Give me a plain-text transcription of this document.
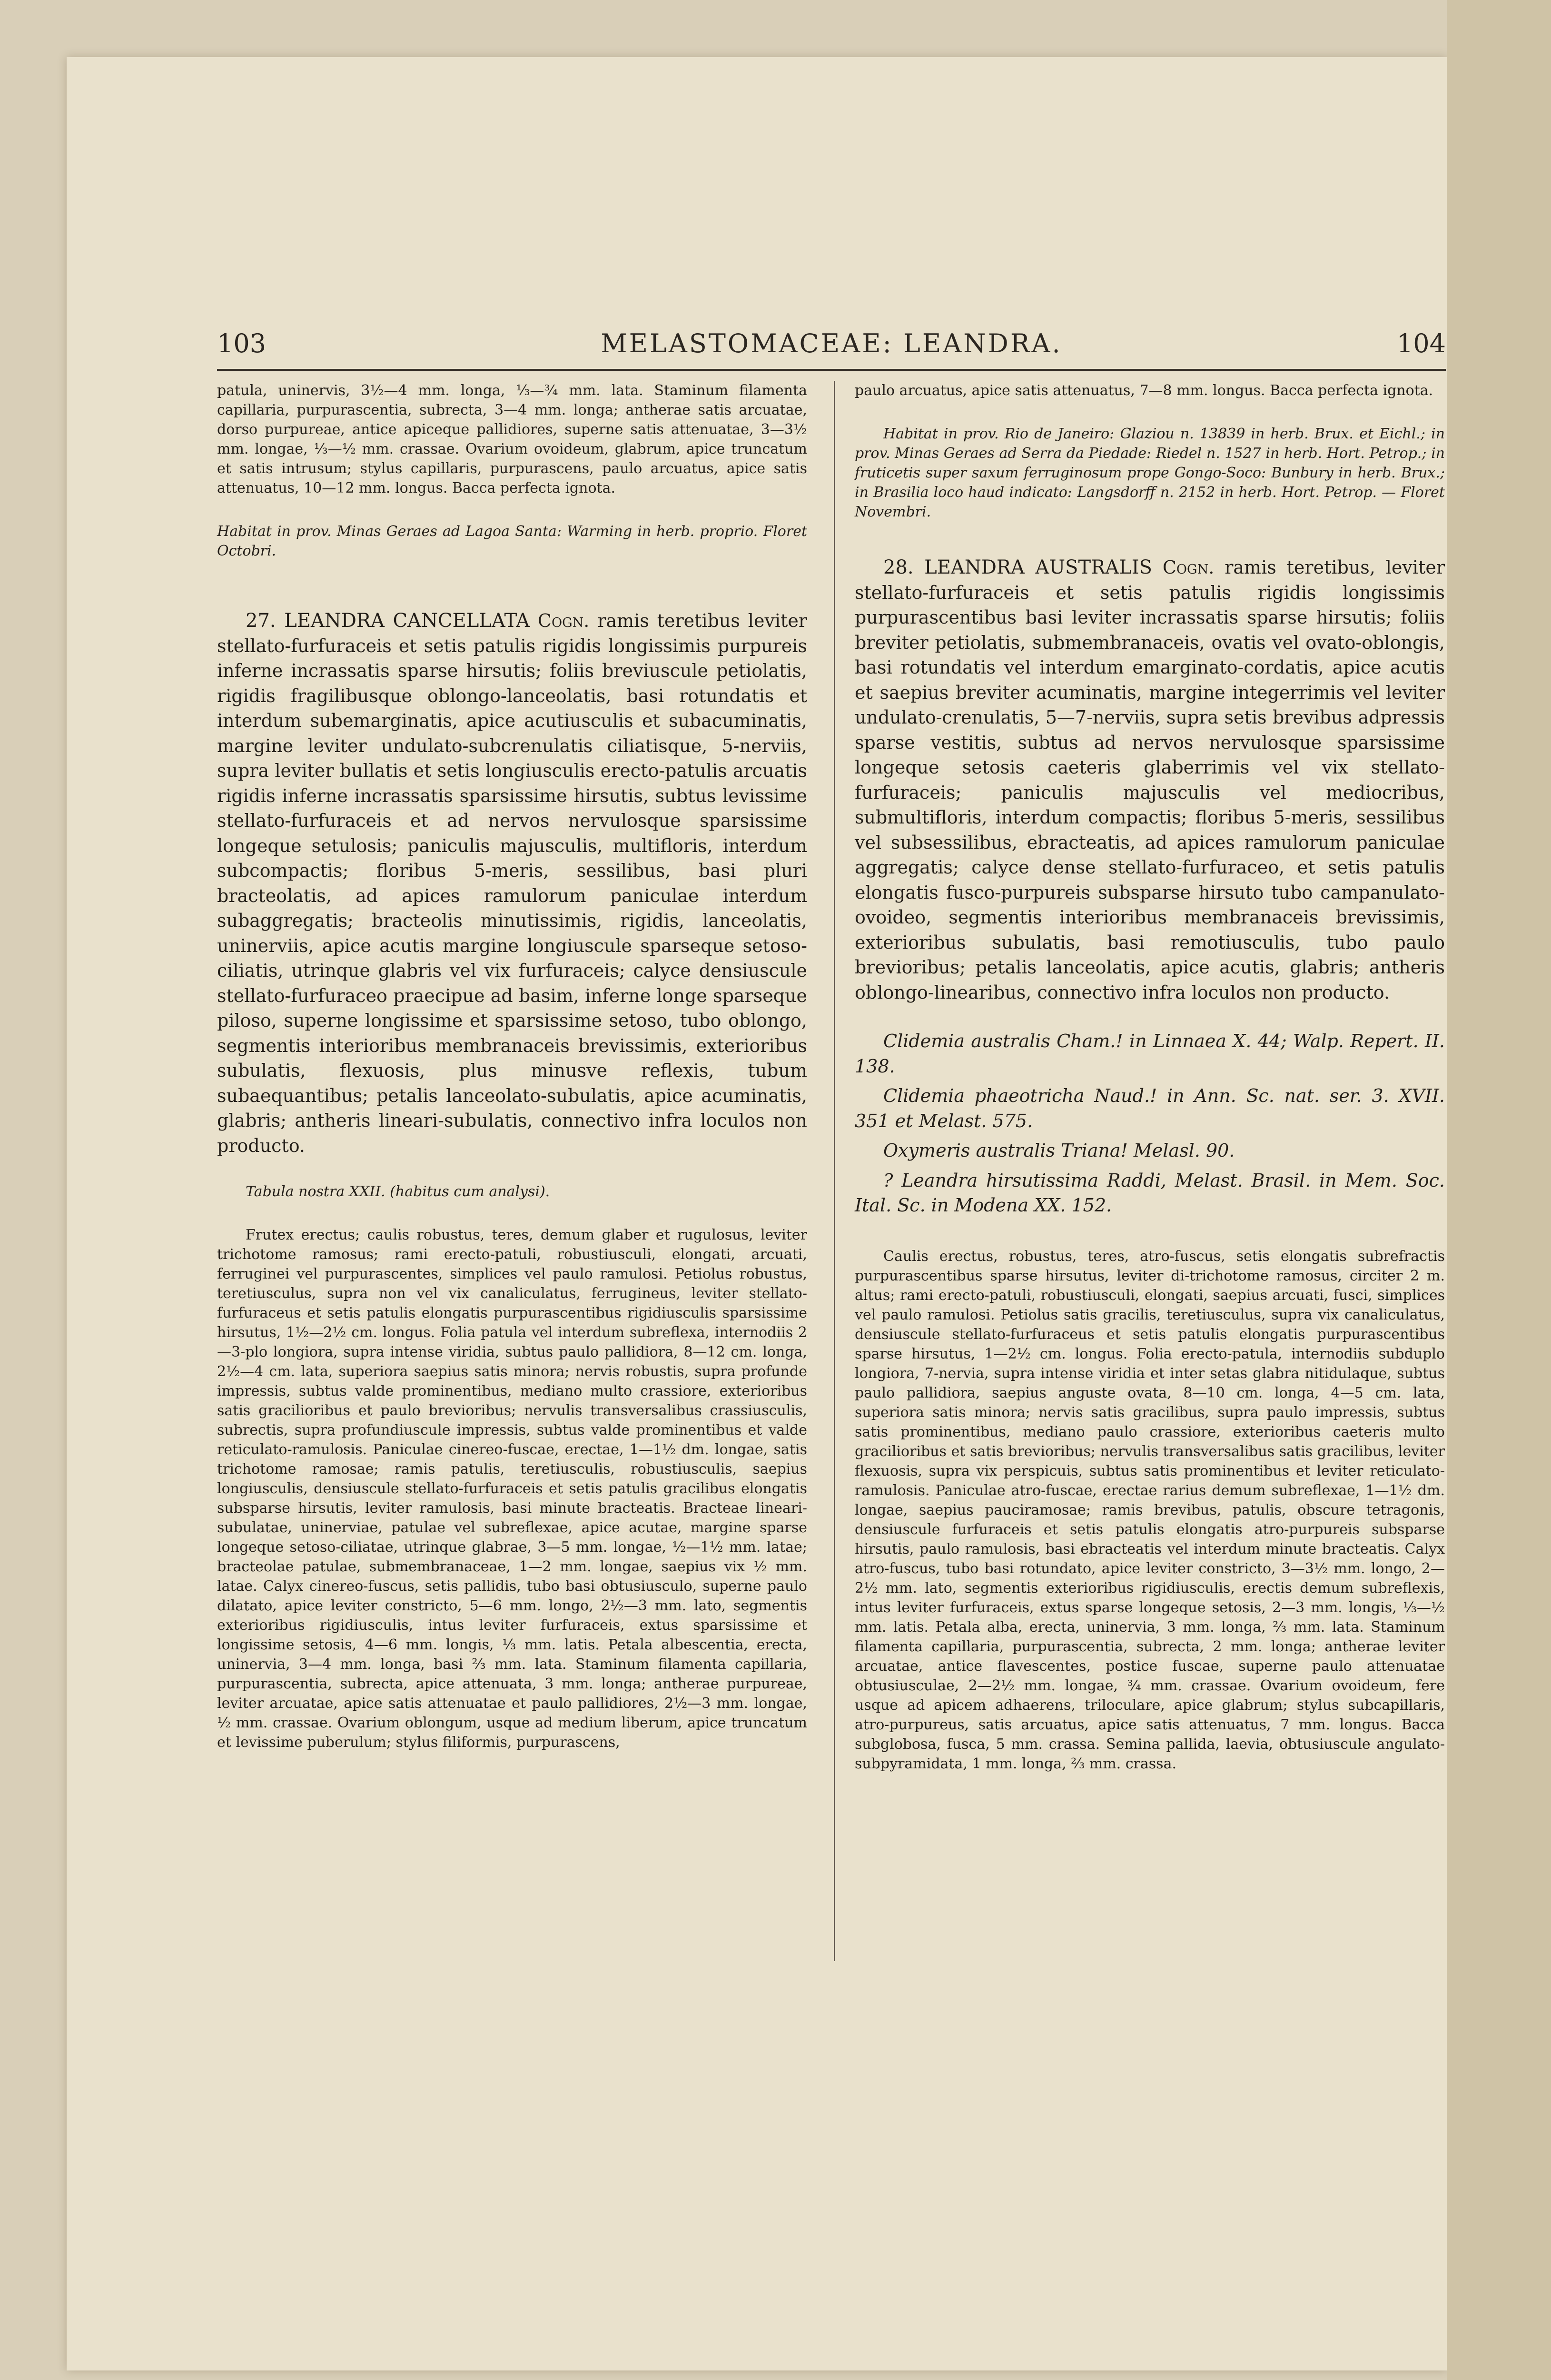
103	MELASTOMACEAE: LEANDRA.	104

patula, uninervis, 3½—4 mm. longa, ⅓—¾ mm. lata. Staminum filamenta capillaria, purpurascentia, subrecta, 3—4 mm. longa; antherae satis arcuatae, dorso purpureae, antice apiceque pallidiores, superne satis attenuatae, 3—3½ mm. longae, ⅓—½ mm. crassae. Ovarium ovoideum, glabrum, apice truncatum et satis intrusum; stylus capillaris, purpurascens, paulo arcuatus, apice satis attenuatus, 10—12 mm. longus. Bacca perfecta ignota.

Habitat in prov. Minas Geraes ad Lagoa Santa: Warming in herb. proprio. Floret Octobri.

27. LEANDRA CANCELLATA Cogn. ramis teretibus leviter stellato-furfuraceis et setis patulis rigidis longissimis purpureis inferne incrassatis sparse hirsutis; foliis breviuscule petiolatis, rigidis fragilibusque oblongo-lanceolatis, basi rotundatis et interdum subemarginatis, apice acutiusculis et subacuminatis, margine leviter undulato-subcrenulatis ciliatisque, 5-nerviis, supra leviter bullatis et setis longiusculis erecto-patulis arcuatis rigidis inferne incrassatis sparsissime hirsutis, subtus levissime stellato-furfuraceis et ad nervos nervulosque sparsissime longeque setulosis; paniculis majusculis, multifloris, interdum subcompactis; floribus 5-meris, sessilibus, basi pluri bracteolatis, ad apices ramulorum paniculae interdum subaggregatis; bracteolis minutissimis, rigidis, lanceolatis, uninerviis, apice acutis margine longiuscule sparseque setoso-ciliatis, utrinque glabris vel vix furfuraceis; calyce densiuscule stellato-furfuraceo praecipue ad basim, inferne longe sparseque piloso, superne longissime et sparsissime setoso, tubo oblongo, segmentis interioribus membranaceis brevissimis, exterioribus subulatis, flexuosis, plus minusve reflexis, tubum subaequantibus; petalis lanceolato-subulatis, apice acuminatis, glabris; antheris lineari-subulatis, connectivo infra loculos non producto.

Tabula nostra XXII. (habitus cum analysi).

Frutex erectus; caulis robustus, teres, demum glaber et rugulosus, leviter trichotome ramosus; rami erecto-patuli, robustiusculi, elongati, arcuati, ferruginei vel purpurascentes, simplices vel paulo ramulosi. Petiolus robustus, teretiusculus, supra non vel vix canaliculatus, ferrugineus, leviter stellato-furfuraceus et setis patulis elongatis purpurascentibus rigidiusculis sparsissime hirsutus, 1½—2½ cm. longus. Folia patula vel interdum subreflexa, internodiis 2—3-plo longiora, supra intense viridia, subtus paulo pallidiora, 8—12 cm. longa, 2½—4 cm. lata, superiora saepius satis minora; nervis robustis, supra profunde impressis, subtus valde prominentibus, mediano multo crassiore, exterioribus satis gracilioribus et paulo brevioribus; nervulis transversalibus crassiusculis, subrectis, supra profundiuscule impressis, subtus valde prominentibus et valde reticulato-ramulosis. Paniculae cinereo-fuscae, erectae, 1—1½ dm. longae, satis trichotome ramosae; ramis patulis, teretiusculis, robustiusculis, saepius longiusculis, densiuscule stellato-furfuraceis et setis patulis gracilibus elongatis subsparse hirsutis, leviter ramulosis, basi minute bracteatis. Bracteae lineari-subulatae, uninerviae, patulae vel subreflexae, apice acutae, margine sparse longeque setoso-ciliatae, utrinque glabrae, 3—5 mm. longae, ½—1½ mm. latae; bracteolae patulae, submembranaceae, 1—2 mm. longae, saepius vix ½ mm. latae. Calyx cinereo-fuscus, setis pallidis, tubo basi obtusiusculo, superne paulo dilatato, apice leviter constricto, 5—6 mm. longo, 2½—3 mm. lato, segmentis exterioribus rigidiusculis, intus leviter furfuraceis, extus sparsissime et longissime setosis, 4—6 mm. longis, ⅓ mm. latis. Petala albescentia, erecta, uninervia, 3—4 mm. longa, basi ⅔ mm. lata. Staminum filamenta capillaria, purpurascentia, subrecta, apice attenuata, 3 mm. longa; antherae purpureae, leviter arcuatae, apice satis attenuatae et paulo pallidiores, 2½—3 mm. longae, ½ mm. crassae. Ovarium oblongum, usque ad medium liberum, apice truncatum et levissime puberulum; stylus filiformis, purpurascens,

paulo arcuatus, apice satis attenuatus, 7—8 mm. longus. Bacca perfecta ignota.

Habitat in prov. Rio de Janeiro: Glaziou n. 13839 in herb. Brux. et Eichl.; in prov. Minas Geraes ad Serra da Piedade: Riedel n. 1527 in herb. Hort. Petrop.; in fruticetis super saxum ferruginosum prope Gongo-Soco: Bunbury in herb. Brux.; in Brasilia loco haud indicato: Langsdorff n. 2152 in herb. Hort. Petrop. — Floret Novembri.

28. LEANDRA AUSTRALIS Cogn. ramis teretibus, leviter stellato-furfuraceis et setis patulis rigidis longissimis purpurascentibus basi leviter incrassatis sparse hirsutis; foliis breviter petiolatis, submembranaceis, ovatis vel ovato-oblongis, basi rotundatis vel interdum emarginato-cordatis, apice acutis et saepius breviter acuminatis, margine integerrimis vel leviter undulato-crenulatis, 5—7-nerviis, supra setis brevibus adpressis sparse vestitis, subtus ad nervos nervulosque sparsissime longeque setosis caeteris glaberrimis vel vix stellato-furfuraceis; paniculis majusculis vel mediocribus, submultifloris, interdum compactis; floribus 5-meris, sessilibus vel subsessilibus, ebracteatis, ad apices ramulorum paniculae aggregatis; calyce dense stellato-furfuraceo, et setis patulis elongatis fusco-purpureis subsparse hirsuto tubo campanulato-ovoideo, segmentis interioribus membranaceis brevissimis, exterioribus subulatis, basi remotiusculis, tubo paulo brevioribus; petalis lanceolatis, apice acutis, glabris; antheris oblongo-linearibus, connectivo infra loculos non producto.

Clidemia australis Cham.! in Linnaea X. 44; Walp. Repert. II. 138.

Clidemia phaeotricha Naud.! in Ann. Sc. nat. ser. 3. XVII. 351 et Melast. 575.

Oxymeris australis Triana! Melasl. 90.

? Leandra hirsutissima Raddi, Melast. Brasil. in Mem. Soc. Ital. Sc. in Modena XX. 152.

Caulis erectus, robustus, teres, atro-fuscus, setis elongatis subrefractis purpurascentibus sparse hirsutus, leviter di-trichotome ramosus, circiter 2 m. altus; rami erecto-patuli, robustiusculi, elongati, saepius arcuati, fusci, simplices vel paulo ramulosi. Petiolus satis gracilis, teretiusculus, supra vix canaliculatus, densiuscule stellato-furfuraceus et setis patulis elongatis purpurascentibus sparse hirsutus, 1—2½ cm. longus. Folia erecto-patula, internodiis subduplo longiora, 7-nervia, supra intense viridia et inter setas glabra nitidulaque, subtus paulo pallidiora, saepius anguste ovata, 8—10 cm. longa, 4—5 cm. lata, superiora satis minora; nervis satis gracilibus, supra paulo impressis, subtus satis prominentibus, mediano paulo crassiore, exterioribus caeteris multo gracilioribus et satis brevioribus; nervulis transversalibus satis gracilibus, leviter flexuosis, supra vix perspicuis, subtus satis prominentibus et leviter reticulato-ramulosis. Paniculae atro-fuscae, erectae rarius demum subreflexae, 1—1½ dm. longae, saepius pauciramosae; ramis brevibus, patulis, obscure tetragonis, densiuscule furfuraceis et setis patulis elongatis atro-purpureis subsparse hirsutis, paulo ramulosis, basi ebracteatis vel interdum minute bracteatis. Calyx atro-fuscus, tubo basi rotundato, apice leviter constricto, 3—3½ mm. longo, 2—2½ mm. lato, segmentis exterioribus rigidiusculis, erectis demum subreflexis, intus leviter furfuraceis, extus sparse longeque setosis, 2—3 mm. longis, ⅓—½ mm. latis. Petala alba, erecta, uninervia, 3 mm. longa, ⅔ mm. lata. Staminum filamenta capillaria, purpurascentia, subrecta, 2 mm. longa; antherae leviter arcuatae, antice flavescentes, postice fuscae, superne paulo attenuatae obtusiusculae, 2—2½ mm. longae, ¾ mm. crassae. Ovarium ovoideum, fere usque ad apicem adhaerens, triloculare, apice glabrum; stylus subcapillaris, atro-purpureus, satis arcuatus, apice satis attenuatus, 7 mm. longus. Bacca subglobosa, fusca, 5 mm. crassa. Semina pallida, laevia, obtusiuscule angulato-subpyramidata, 1 mm. longa, ⅔ mm. crassa.
